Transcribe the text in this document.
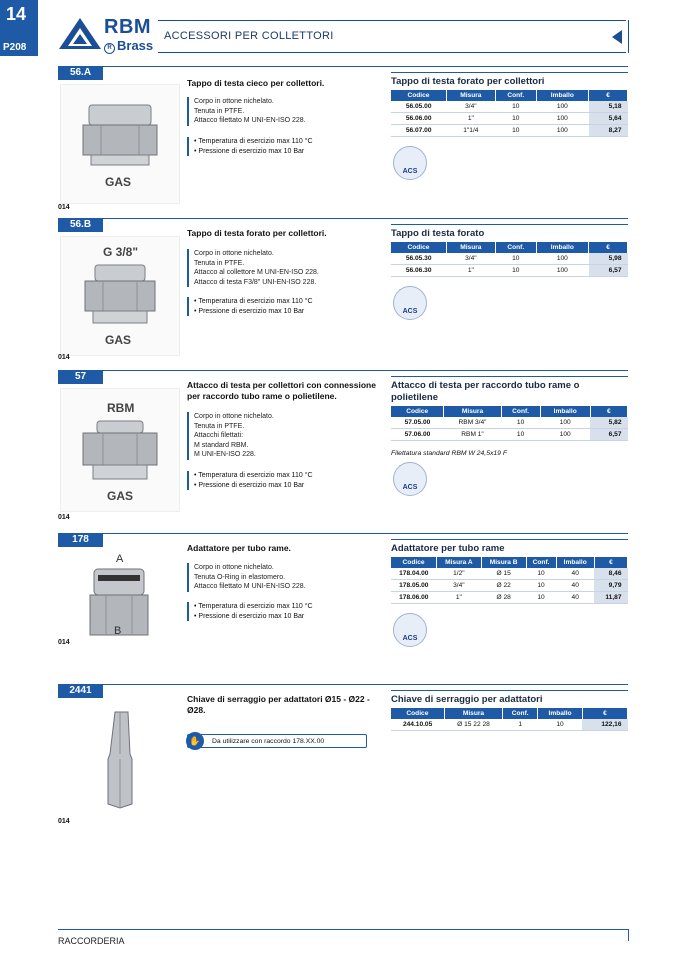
14
P208
RBM
R Brass
ACCESSORI PER COLLETTORI
56.A
GAS
014
Tappo di testa cieco per collettori.
Corpo in ottone nichelato.
Tenuta in PTFE.
Attacco filettato M UNI-EN-ISO 228.
• Temperatura di esercizio max 110 °C
• Pressione di esercizio max 10 Bar
Tappo di testa forato per collettori
Codice	Misura	Conf.	Imballo	€
56.05.00	3/4"	10	100	5,18
56.06.00	1"	10	100	5,64
56.07.00	1"1/4	10	100	8,27
ACS
56.B
G 3/8"
GAS
014
Tappo di testa forato per collettori.
Corpo in ottone nichelato.
Tenuta in PTFE.
Attacco al collettore M UNI-EN-ISO 228.
Attacco di testa F3/8" UNI-EN-ISO 228.
• Temperatura di esercizio max 110 °C
• Pressione di esercizio max 10 Bar
Tappo di testa forato
Codice	Misura	Conf.	Imballo	€
56.05.30	3/4"	10	100	5,98
56.06.30	1"	10	100	6,57
ACS
57
RBM
GAS
014
Attacco di testa per collettori con connessione per raccordo tubo rame o polietilene.
Corpo in ottone nichelato.
Tenuta in PTFE.
Attacchi filettati:
M standard RBM.
M UNI-EN-ISO 228.
• Temperatura di esercizio max 110 °C
• Pressione di esercizio max 10 Bar
Attacco di testa per raccordo tubo rame o polietilene
Codice	Misura	Conf.	Imballo	€
57.05.00	RBM 3/4"	10	100	5,82
57.06.00	RBM 1"	10	100	6,57
Filettatura standard RBM W 24,5x19 F
ACS
178
A
B
014
Adattatore per tubo rame.
Corpo in ottone nichelato.
Tenuta O-Ring in elastomero.
Attacco filettato M UNI-EN-ISO 228.
• Temperatura di esercizio max 110 °C
• Pressione di esercizio max 10 Bar
Adattatore per tubo rame
Codice	Misura A	Misura B	Conf.	Imballo	€
178.04.00	1/2"	Ø 15	10	40	8,46
178.05.00	3/4"	Ø 22	10	40	9,79
178.06.00	1"	Ø 28	10	40	11,87
ACS
2441
014
Chiave di serraggio per adattatori Ø15 - Ø22 - Ø28.
✋	Da utilizzare con raccordo 178.XX.00
Chiave di serraggio per adattatori
Codice	Misura	Conf.	Imballo	€
244.10.05	Ø 15 22 28	1	10	122,16
RACCORDERIA
